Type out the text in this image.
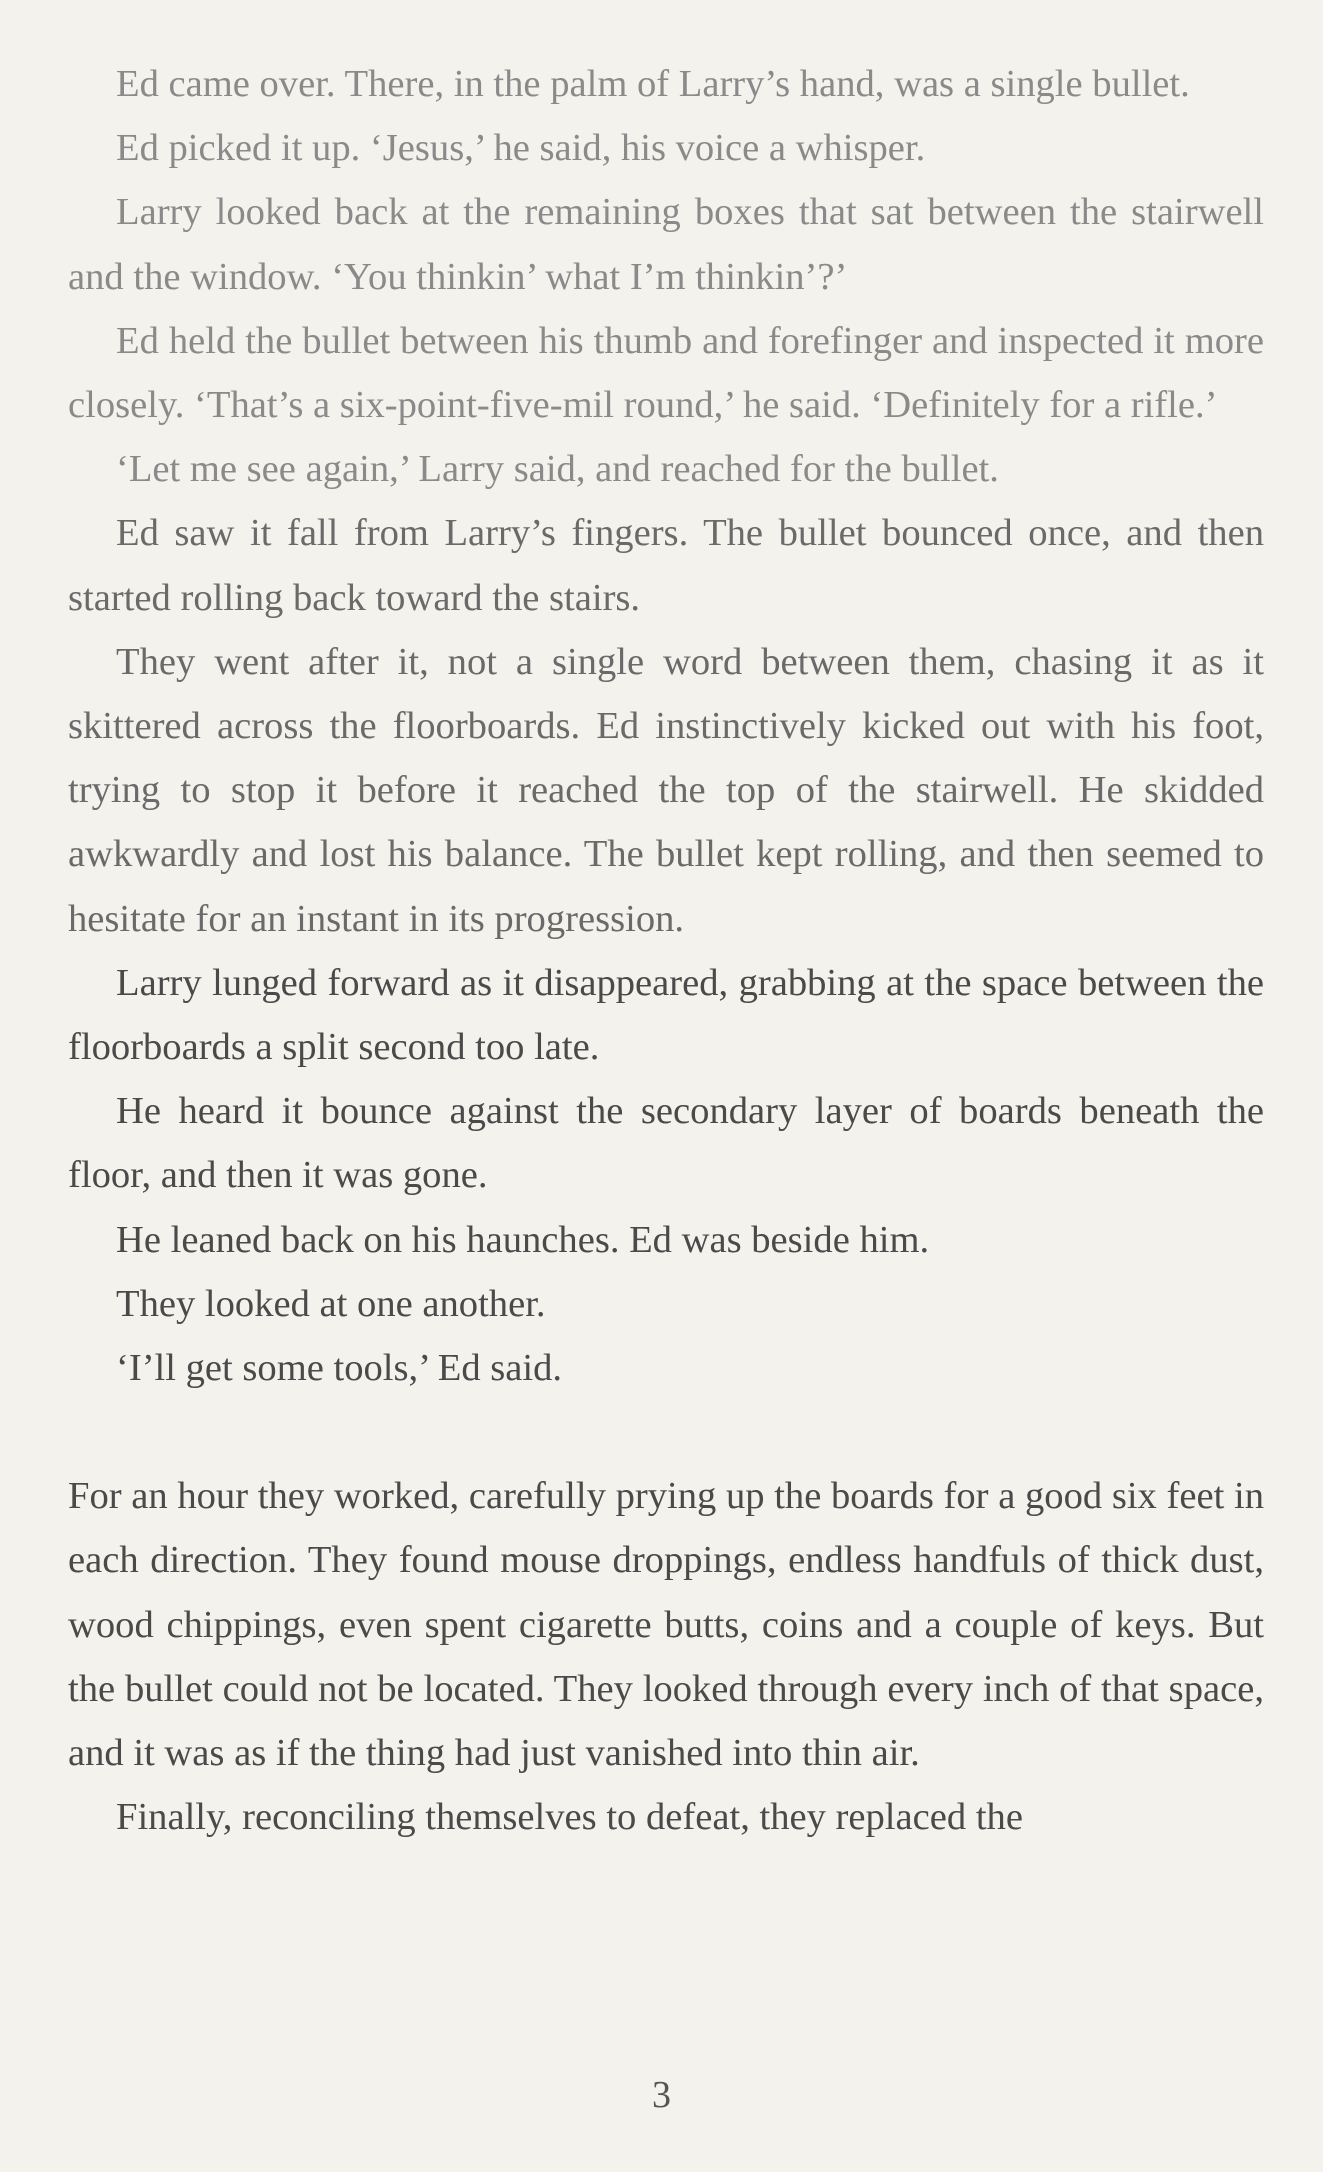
Ed came over. There, in the palm of Larry’s hand, was a single bullet.

Ed picked it up. ‘Jesus,’ he said, his voice a whisper.

Larry looked back at the remaining boxes that sat between the stairwell and the window. ‘You thinkin’ what I’m thinkin’?’

Ed held the bullet between his thumb and forefinger and inspected it more closely. ‘That’s a six-point-five-mil round,’ he said. ‘Definitely for a rifle.’

‘Let me see again,’ Larry said, and reached for the bullet.

Ed saw it fall from Larry’s fingers. The bullet bounced once, and then started rolling back toward the stairs.

They went after it, not a single word between them, chasing it as it skittered across the floorboards. Ed instinctively kicked out with his foot, trying to stop it before it reached the top of the stairwell. He skidded awkwardly and lost his balance. The bullet kept rolling, and then seemed to hesitate for an instant in its progression.

Larry lunged forward as it disappeared, grabbing at the space between the floorboards a split second too late.

He heard it bounce against the secondary layer of boards beneath the floor, and then it was gone.

He leaned back on his haunches. Ed was beside him.

They looked at one another.

‘I’ll get some tools,’ Ed said.

For an hour they worked, carefully prying up the boards for a good six feet in each direction. They found mouse droppings, endless handfuls of thick dust, wood chippings, even spent cigarette butts, coins and a couple of keys. But the bullet could not be located. They looked through every inch of that space, and it was as if the thing had just vanished into thin air.

Finally, reconciling themselves to defeat, they replaced the

3
